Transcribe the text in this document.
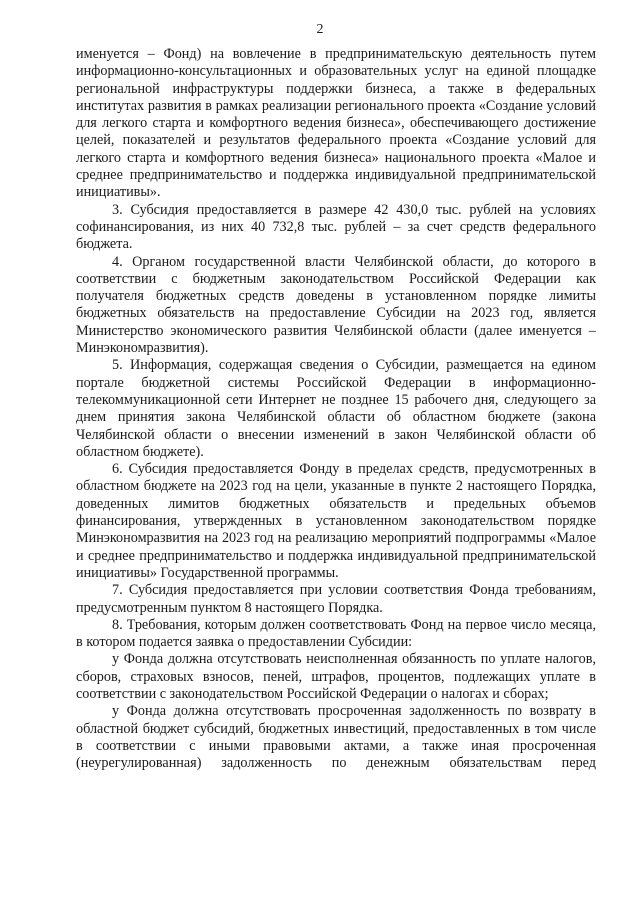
2

именуется – Фонд) на вовлечение в предпринимательскую деятельность путем информационно-консультационных и образовательных услуг на единой площадке региональной инфраструктуры поддержки бизнеса, а также в федеральных институтах развития в рамках реализации регионального проекта «Создание условий для легкого старта и комфортного ведения бизнеса», обеспечивающего достижение целей, показателей и результатов федерального проекта «Создание условий для легкого старта и комфортного ведения бизнеса» национального проекта «Малое и среднее предпринимательство и поддержка индивидуальной предпринимательской инициативы».

3. Субсидия предоставляется в размере 42 430,0 тыс. рублей на условиях софинансирования, из них 40 732,8 тыс. рублей – за счет средств федерального бюджета.

4. Органом государственной власти Челябинской области, до которого в соответствии с бюджетным законодательством Российской Федерации как получателя бюджетных средств доведены в установленном порядке лимиты бюджетных обязательств на предоставление Субсидии на 2023 год, является Министерство экономического развития Челябинской области (далее именуется – Минэкономразвития).

5. Информация, содержащая сведения о Субсидии, размещается на едином портале бюджетной системы Российской Федерации в информационно-телекоммуникационной сети Интернет не позднее 15 рабочего дня, следующего за днем принятия закона Челябинской области об областном бюджете (закона Челябинской области о внесении изменений в закон Челябинской области об областном бюджете).

6. Субсидия предоставляется Фонду в пределах средств, предусмотренных в областном бюджете на 2023 год на цели, указанные в пункте 2 настоящего Порядка, доведенных лимитов бюджетных обязательств и предельных объемов финансирования, утвержденных в установленном законодательством порядке Минэкономразвития на 2023 год на реализацию мероприятий подпрограммы «Малое и среднее предпринимательство и поддержка индивидуальной предпринимательской инициативы» Государственной программы.

7. Субсидия предоставляется при условии соответствия Фонда требованиям, предусмотренным пунктом 8 настоящего Порядка.

8. Требования, которым должен соответствовать Фонд на первое число месяца, в котором подается заявка о предоставлении Субсидии:

у Фонда должна отсутствовать неисполненная обязанность по уплате налогов, сборов, страховых взносов, пеней, штрафов, процентов, подлежащих уплате в соответствии с законодательством Российской Федерации о налогах и сборах;

у Фонда должна отсутствовать просроченная задолженность по возврату в областной бюджет субсидий, бюджетных инвестиций, предоставленных в том числе в соответствии с иными правовыми актами, а также иная просроченная (неурегулированная) задолженность по денежным обязательствам перед
